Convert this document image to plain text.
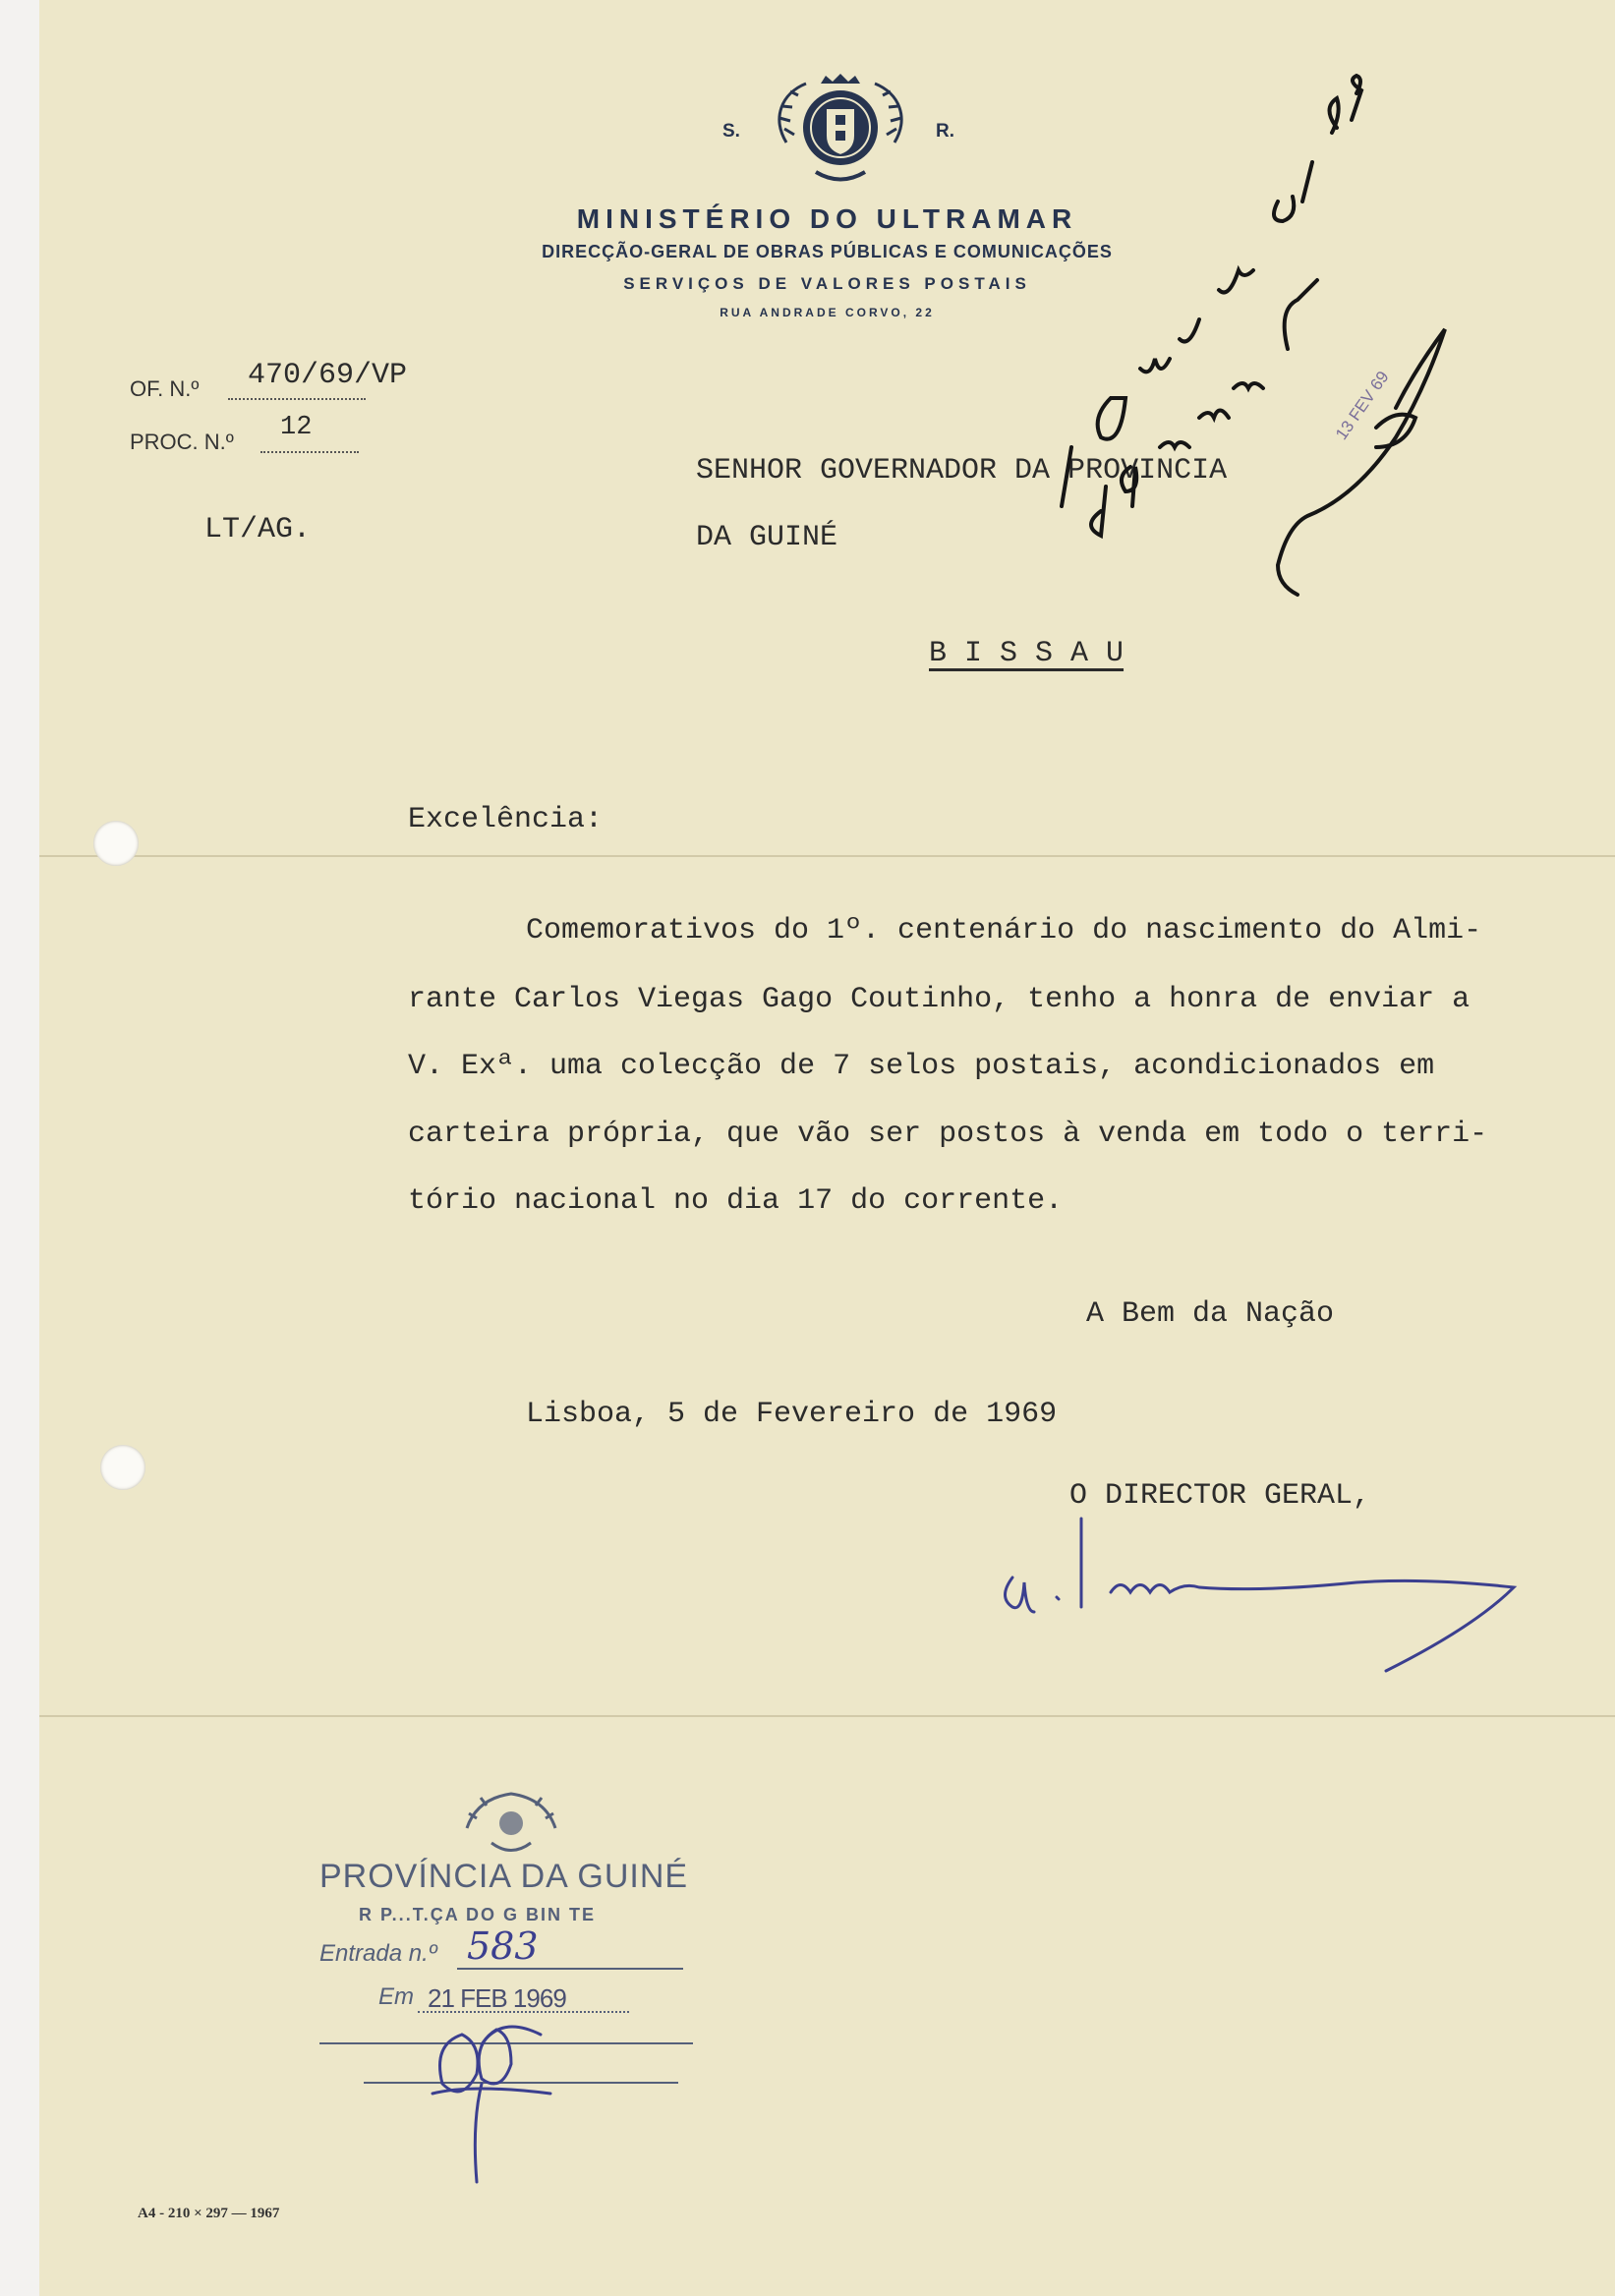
S.	R.
MINISTÉRIO DO ULTRAMAR
DIRECÇÃO-GERAL DE OBRAS PÚBLICAS E COMUNICAÇÕES
SERVIÇOS DE VALORES POSTAIS
RUA ANDRADE CORVO, 22
OF. N.º 470/69/VP
PROC. N.º 12
LT/AG.
SENHOR GOVERNADOR DA PROVINCIA
DA GUINÉ
B I S S A U
Excelência:
Comemorativos do 1º. centenário do nascimento do Almi-
rante Carlos Viegas Gago Coutinho, tenho a honra de enviar a
V. Exª. uma colecção de 7 selos postais, acondicionados em
carteira própria, que vão ser postos à venda em todo o terri-
tório nacional no dia 17 do corrente.
A Bem da Nação
Lisboa, 5 de Fevereiro de 1969
O DIRECTOR GERAL,
13 FEV 69
PROVÍNCIA DA GUINÉ
R P...T.ÇA DO G BIN TE
Entrada n.º 583
Em 21 FEB 1969
A4 - 210 × 297 — 1967
